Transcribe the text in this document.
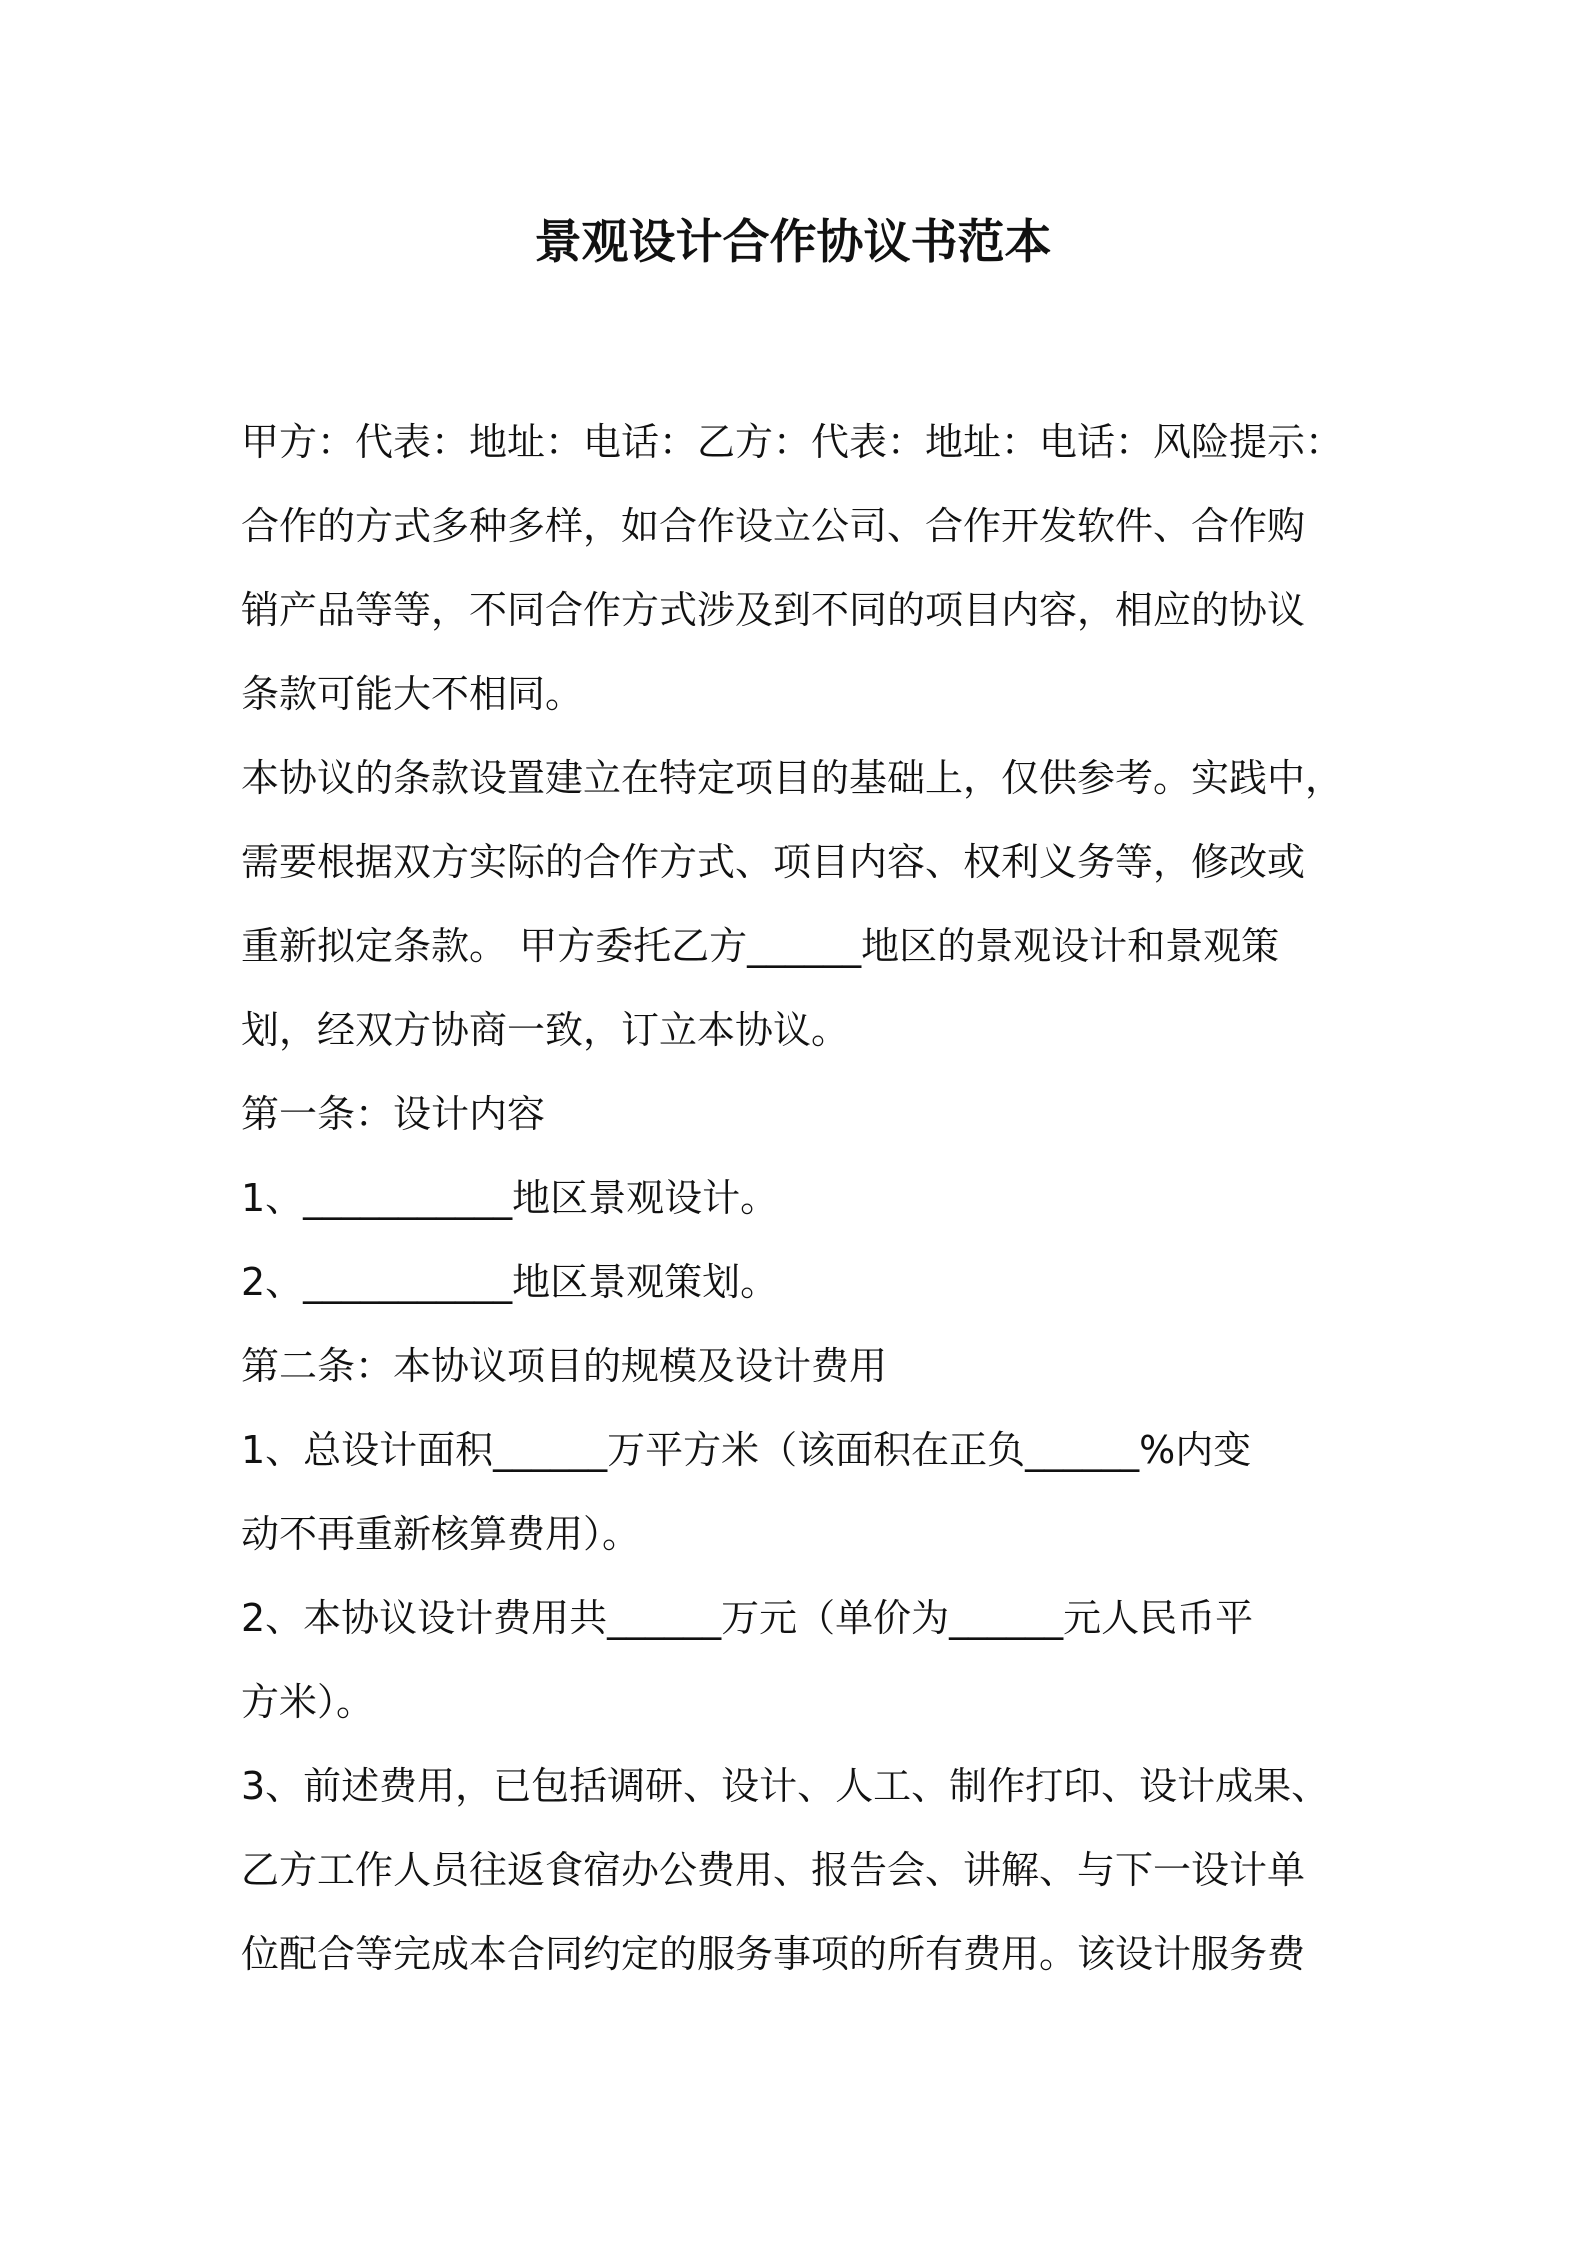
景观设计合作协议书范本
甲方：代表：地址：电话：乙方：代表：地址：电话：风险提示：
合作的方式多种多样，如合作设立公司、合作开发软件、合作购
销产品等等，不同合作方式涉及到不同的项目内容，相应的协议
条款可能大不相同。
本协议的条款设置建立在特定项目的基础上，仅供参考。实践中，
需要根据双方实际的合作方式、项目内容、权利义务等，修改或
重新拟定条款。 甲方委托乙方______地区的景观设计和景观策
划，经双方协商一致，订立本协议。
第一条：设计内容
1、___________地区景观设计。
2、___________地区景观策划。
第二条：本协议项目的规模及设计费用
1、总设计面积______万平方米（该面积在正负______%内变
动不再重新核算费用）。
2、本协议设计费用共______万元（单价为______元人民币平
方米）。
3、前述费用，已包括调研、设计、人工、制作打印、设计成果、
乙方工作人员往返食宿办公费用、报告会、讲解、与下一设计单
位配合等完成本合同约定的服务事项的所有费用。该设计服务费
